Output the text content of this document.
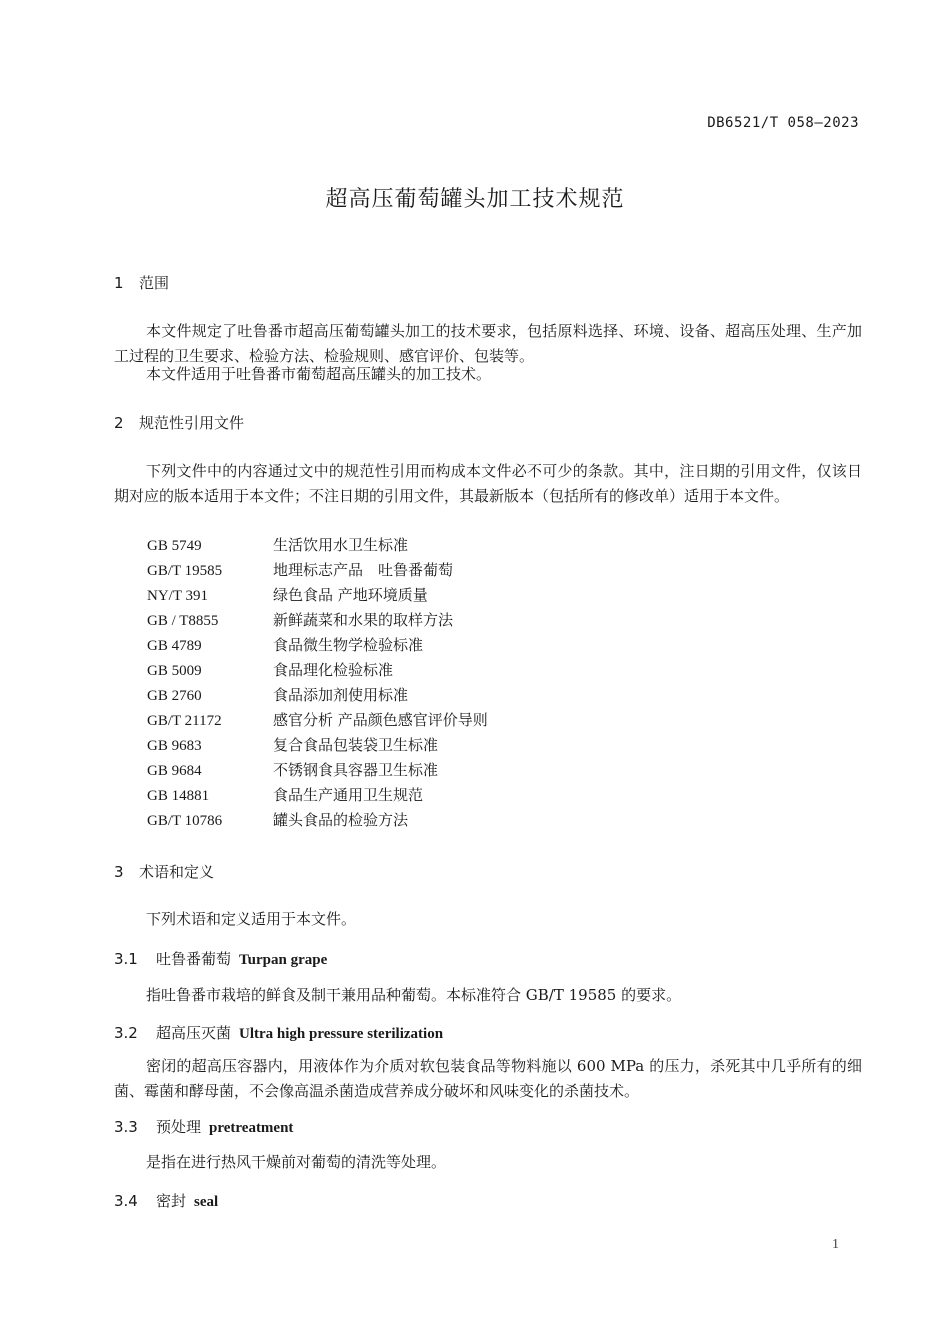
DB6521/T 058—2023
超高压葡萄罐头加工技术规范
1 范围

本文件规定了吐鲁番市超高压葡萄罐头加工的技术要求，包括原料选择、环境、设备、超高压处理、生产加工过程的卫生要求、检验方法、检验规则、感官评价、包装等。

本文件适用于吐鲁番市葡萄超高压罐头的加工技术。

2 规范性引用文件

下列文件中的内容通过文中的规范性引用而构成本文件必不可少的条款。其中，注日期的引用文件，仅该日期对应的版本适用于本文件；不注日期的引用文件，其最新版本（包括所有的修改单）适用于本文件。

GB 5749	生活饮用水卫生标准
GB/T 19585	地理标志产品　吐鲁番葡萄
NY/T 391	绿色食品 产地环境质量
GB / T8855	新鲜蔬菜和水果的取样方法
GB 4789	食品微生物学检验标准
GB 5009	食品理化检验标准
GB 2760	食品添加剂使用标准
GB/T 21172	感官分析 产品颜色感官评价导则
GB 9683	复合食品包装袋卫生标准
GB 9684	不锈钢食具容器卫生标准
GB 14881	食品生产通用卫生规范
GB/T 10786	罐头食品的检验方法
3 术语和定义

下列术语和定义适用于本文件。

3.1 吐鲁番葡萄 Turpan grape

指吐鲁番市栽培的鲜食及制干兼用品种葡萄。本标准符合 GB/T 19585 的要求。

3.2 超高压灭菌 Ultra high pressure sterilization

密闭的超高压容器内，用液体作为介质对软包装食品等物料施以 600 MPa 的压力，杀死其中几乎所有的细菌、霉菌和酵母菌，不会像高温杀菌造成营养成分破坏和风味变化的杀菌技术。

3.3 预处理 pretreatment

是指在进行热风干燥前对葡萄的清洗等处理。

3.4 密封 seal
1
